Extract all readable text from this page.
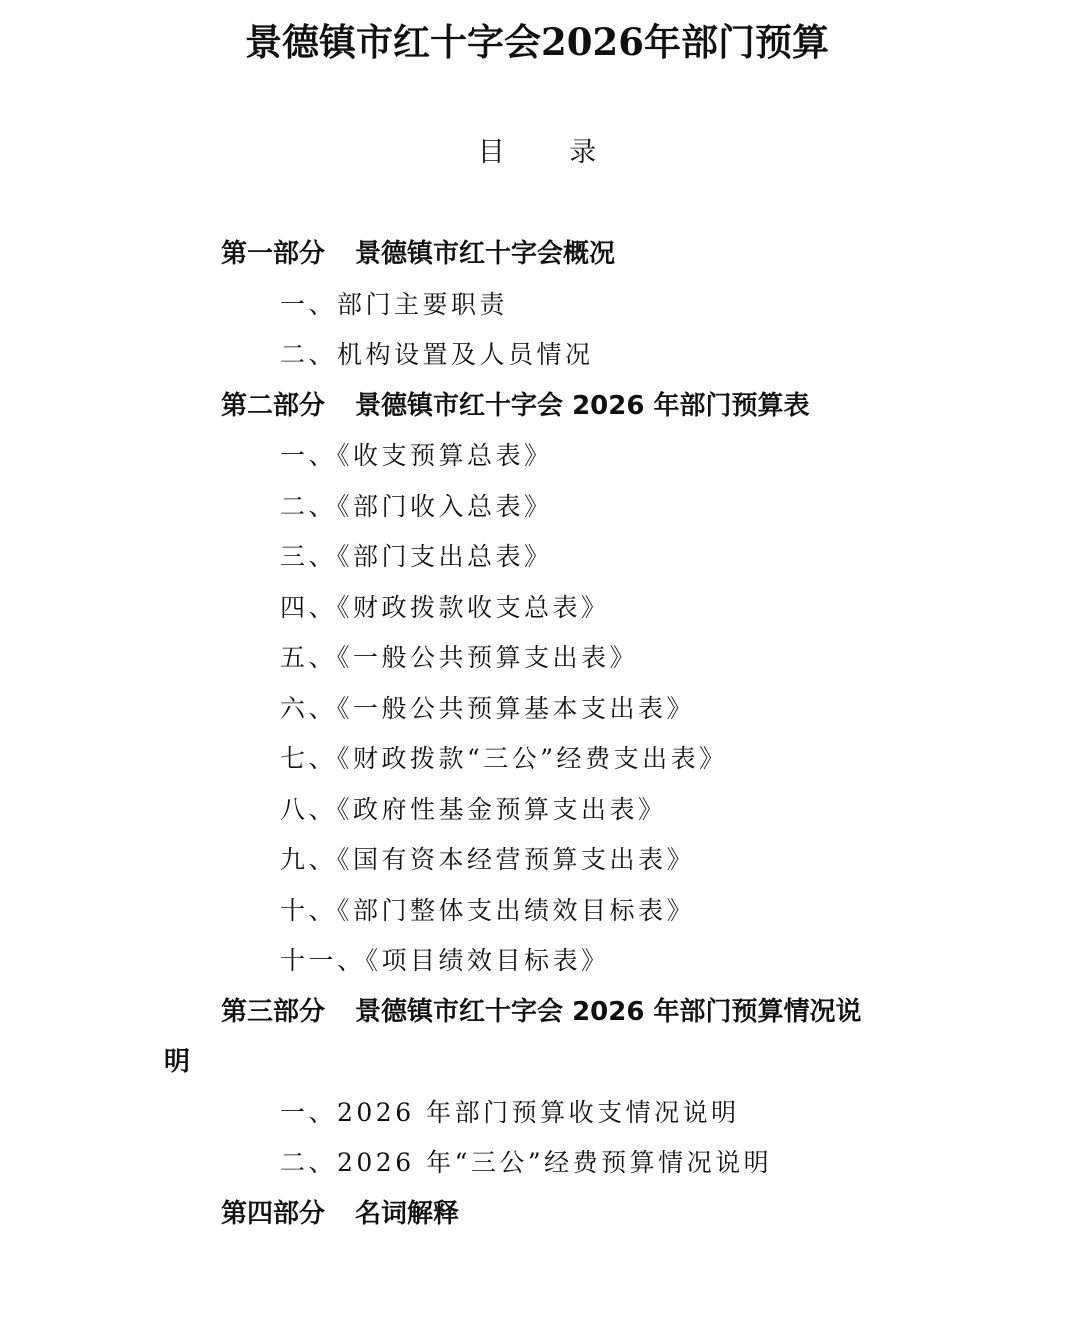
景德镇市红十字会2026年部门预算
目 录
第一部分 景德镇市红十字会概况
一、部门主要职责
二、机构设置及人员情况
第二部分 景德镇市红十字会 2026 年部门预算表
一、《收支预算总表》
二、《部门收入总表》
三、《部门支出总表》
四、《财政拨款收支总表》
五、《一般公共预算支出表》
六、《一般公共预算基本支出表》
七、《财政拨款“三公”经费支出表》
八、《政府性基金预算支出表》
九、《国有资本经营预算支出表》
十、《部门整体支出绩效目标表》
十一、《项目绩效目标表》
第三部分 景德镇市红十字会 2026 年部门预算情况说
明
一、2026 年部门预算收支情况说明
二、2026 年“三公”经费预算情况说明
第四部分 名词解释
